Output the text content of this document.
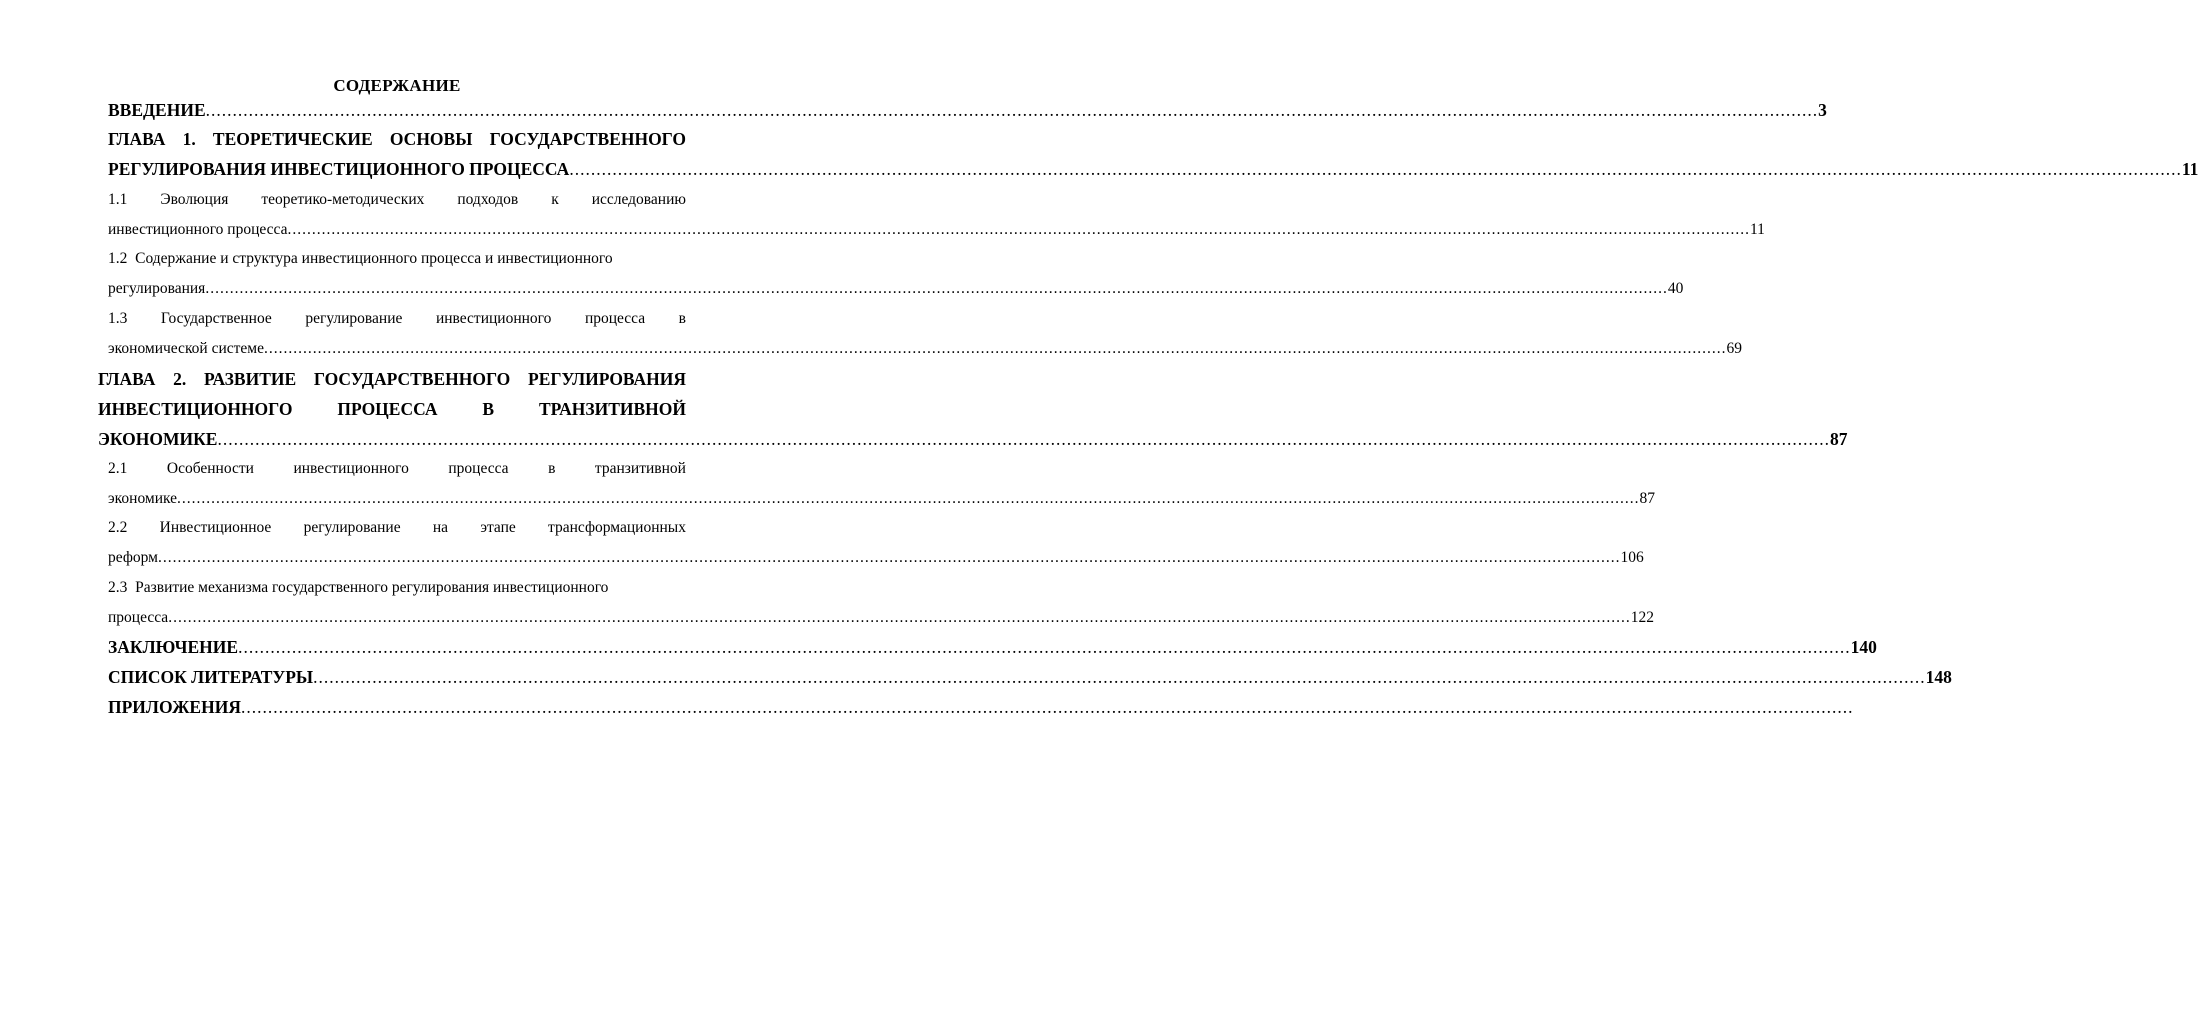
СОДЕРЖАНИЕ
ВВЕДЕНИЕ ............................................................................................................................................................................................................................................................................................................ 3
ГЛАВА 1. ТЕОРЕТИЧЕСКИЕ ОСНОВЫ ГОСУДАРСТВЕННОГО
РЕГУЛИРОВАНИЯ ИНВЕСТИЦИОННОГО ПРОЦЕССА ............................................................................................................................................................................................................................................................................................................ 11
1.1 Эволюция теоретико-методических подходов к исследованию
инвестиционного процесса ............................................................................................................................................................................................................................................................................................................ 11
1.2  Содержание и структура инвестиционного процесса и инвестиционного
регулирования ............................................................................................................................................................................................................................................................................................................ 40
1.3 Государственное регулирование инвестиционного процесса в
экономической системе ............................................................................................................................................................................................................................................................................................................ 69
ГЛАВА 2. РАЗВИТИЕ ГОСУДАРСТВЕННОГО РЕГУЛИРОВАНИЯ
ИНВЕСТИЦИОННОГО	ПРОЦЕССА	В	ТРАНЗИТИВНОЙ
ЭКОНОМИКЕ ............................................................................................................................................................................................................................................................................................................ 87
2.1	Особенности	инвестиционного	процесса	в	транзитивной
экономике ............................................................................................................................................................................................................................................................................................................ 87
2.2 Инвестиционное регулирование на этапе трансформационных
реформ ............................................................................................................................................................................................................................................................................................................ 106
2.3  Развитие механизма государственного регулирования инвестиционного
процесса ............................................................................................................................................................................................................................................................................................................ 122
ЗАКЛЮЧЕНИЕ ............................................................................................................................................................................................................................................................................................................ 140
СПИСОК ЛИТЕРАТУРЫ ............................................................................................................................................................................................................................................................................................................ 148
ПРИЛОЖЕНИЯ ............................................................................................................................................................................................................................................................................................................
